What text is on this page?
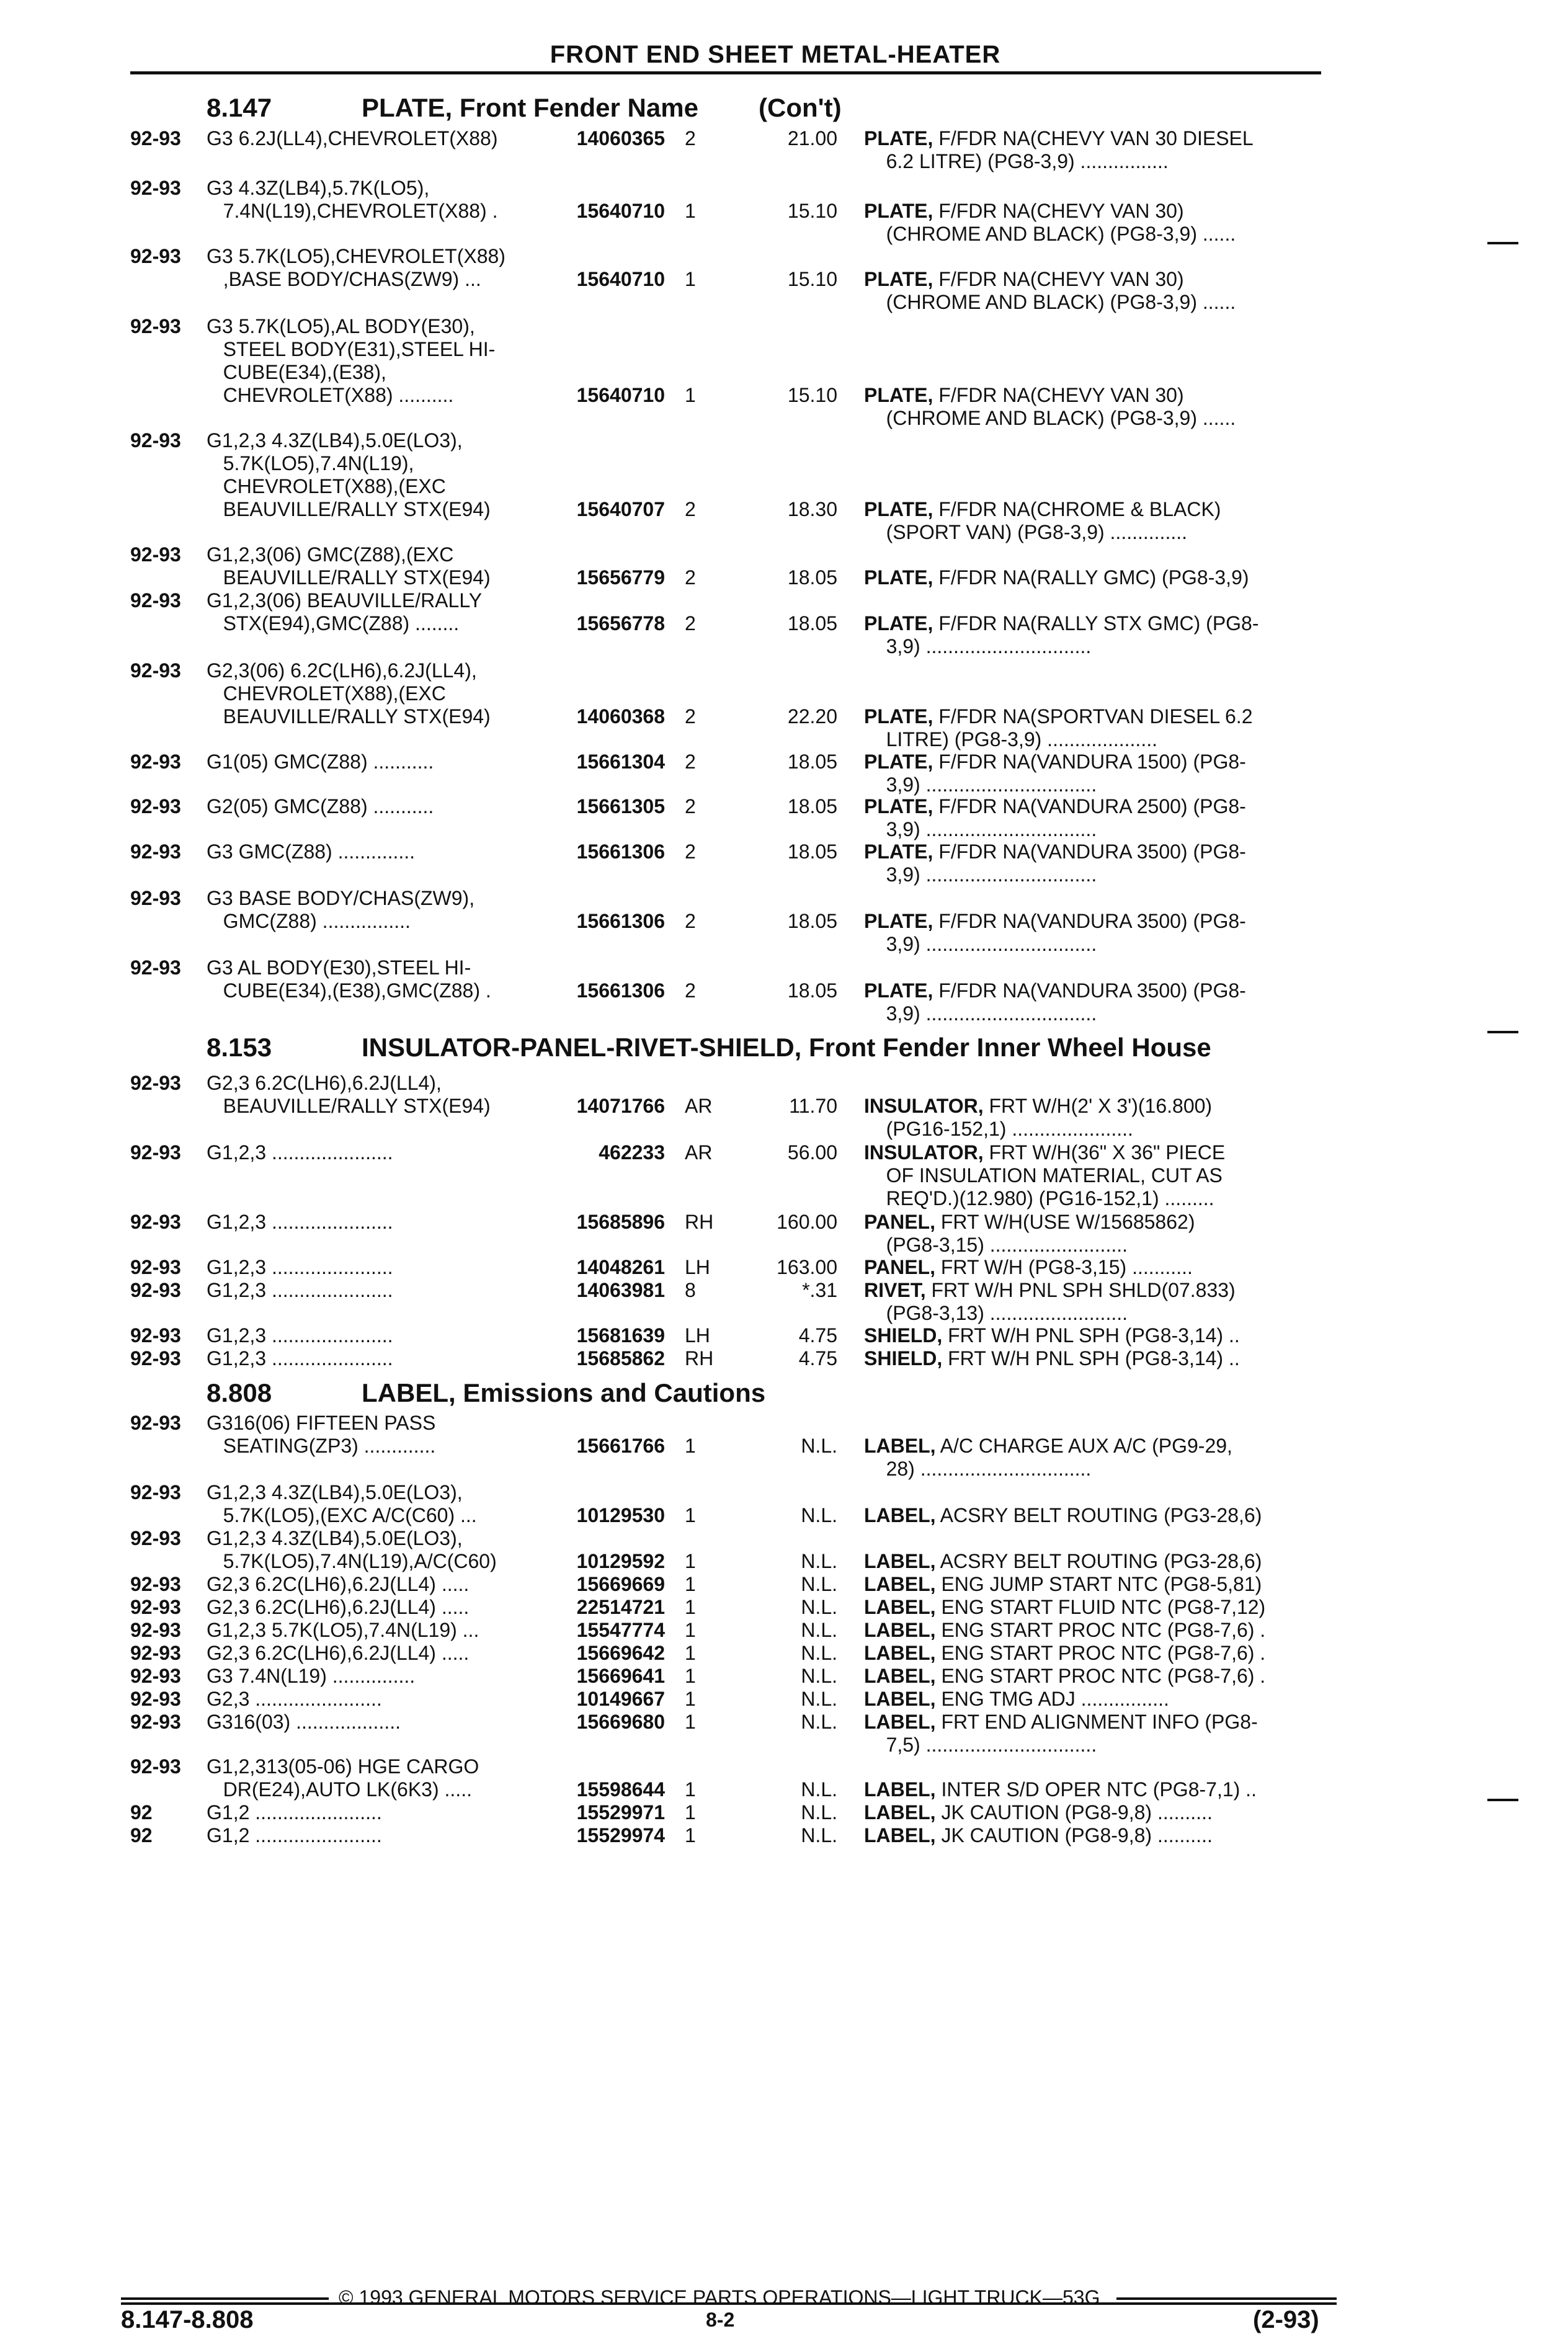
FRONT END SHEET METAL-HEATER
8.147	PLATE, Front Fender Name (Con't)
92-93 G3 6.2J(LL4),CHEVROLET(X88)	14060365 2	21.00 PLATE, F/FDR NA(CHEVY VAN 30 DIESEL
6.2 LITRE) (PG8-3,9) ................
92-93 G3 4.3Z(LB4),5.7K(LO5),
7.4N(L19),CHEVROLET(X88) .	15640710 1	15.10 PLATE, F/FDR NA(CHEVY VAN 30)
(CHROME AND BLACK) (PG8-3,9) ......
92-93 G3 5.7K(LO5),CHEVROLET(X88)
,BASE BODY/CHAS(ZW9) ...	15640710 1	15.10 PLATE, F/FDR NA(CHEVY VAN 30)
(CHROME AND BLACK) (PG8-3,9) ......
92-93 G3 5.7K(LO5),AL BODY(E30),
STEEL BODY(E31),STEEL HI-
CUBE(E34),(E38),
CHEVROLET(X88) ..........	15640710 1	15.10 PLATE, F/FDR NA(CHEVY VAN 30)
(CHROME AND BLACK) (PG8-3,9) ......
92-93 G1,2,3 4.3Z(LB4),5.0E(LO3),
5.7K(LO5),7.4N(L19),
CHEVROLET(X88),(EXC
BEAUVILLE/RALLY STX(E94)	15640707 2	18.30 PLATE, F/FDR NA(CHROME & BLACK)
(SPORT VAN) (PG8-3,9) ..............
92-93 G1,2,3(06) GMC(Z88),(EXC
BEAUVILLE/RALLY STX(E94)	15656779 2	18.05 PLATE, F/FDR NA(RALLY GMC) (PG8-3,9)
92-93 G1,2,3(06) BEAUVILLE/RALLY
STX(E94),GMC(Z88) ........	15656778 2	18.05 PLATE, F/FDR NA(RALLY STX GMC) (PG8-
3,9) ..............................
92-93 G2,3(06) 6.2C(LH6),6.2J(LL4),
CHEVROLET(X88),(EXC
BEAUVILLE/RALLY STX(E94)	14060368 2	22.20 PLATE, F/FDR NA(SPORTVAN DIESEL 6.2
LITRE) (PG8-3,9) ....................
92-93 G1(05) GMC(Z88) ...........	15661304 2	18.05 PLATE, F/FDR NA(VANDURA 1500) (PG8-
3,9) ...............................
92-93 G2(05) GMC(Z88) ...........	15661305 2	18.05 PLATE, F/FDR NA(VANDURA 2500) (PG8-
3,9) ...............................
92-93 G3 GMC(Z88) ..............	15661306 2	18.05 PLATE, F/FDR NA(VANDURA 3500) (PG8-
3,9) ...............................
92-93 G3 BASE BODY/CHAS(ZW9),
GMC(Z88) ................	15661306 2	18.05 PLATE, F/FDR NA(VANDURA 3500) (PG8-
3,9) ...............................
92-93 G3 AL BODY(E30),STEEL HI-
CUBE(E34),(E38),GMC(Z88) .	15661306 2	18.05 PLATE, F/FDR NA(VANDURA 3500) (PG8-
3,9) ...............................
8.153	INSULATOR-PANEL-RIVET-SHIELD, Front Fender Inner Wheel House
92-93 G2,3 6.2C(LH6),6.2J(LL4),
BEAUVILLE/RALLY STX(E94)	14071766 AR	11.70 INSULATOR, FRT W/H(2' X 3')(16.800)
(PG16-152,1) ......................
92-93 G1,2,3 ......................	462233 AR	56.00 INSULATOR, FRT W/H(36" X 36" PIECE
OF INSULATION MATERIAL, CUT AS
REQ'D.)(12.980) (PG16-152,1) .........
92-93 G1,2,3 ......................	15685896 RH	160.00 PANEL, FRT W/H(USE W/15685862)
(PG8-3,15) .........................
92-93 G1,2,3 ......................	14048261 LH	163.00 PANEL, FRT W/H (PG8-3,15) ...........
92-93 G1,2,3 ......................	14063981 8	*.31 RIVET, FRT W/H PNL SPH SHLD(07.833)
(PG8-3,13) .........................
92-93 G1,2,3 ......................	15681639 LH	4.75 SHIELD, FRT W/H PNL SPH (PG8-3,14) ..
92-93 G1,2,3 ......................	15685862 RH	4.75 SHIELD, FRT W/H PNL SPH (PG8-3,14) ..
8.808	LABEL, Emissions and Cautions
92-93 G316(06) FIFTEEN PASS
SEATING(ZP3) .............	15661766 1	N.L. LABEL, A/C CHARGE AUX A/C (PG9-29,
28) ...............................
92-93 G1,2,3 4.3Z(LB4),5.0E(LO3),
5.7K(LO5),(EXC A/C(C60) ...	10129530 1	N.L. LABEL, ACSRY BELT ROUTING (PG3-28,6)
92-93 G1,2,3 4.3Z(LB4),5.0E(LO3),
5.7K(LO5),7.4N(L19),A/C(C60)	10129592 1	N.L. LABEL, ACSRY BELT ROUTING (PG3-28,6)
92-93 G2,3 6.2C(LH6),6.2J(LL4) .....	15669669 1	N.L. LABEL, ENG JUMP START NTC (PG8-5,81)
92-93 G2,3 6.2C(LH6),6.2J(LL4) .....	22514721 1	N.L. LABEL, ENG START FLUID NTC (PG8-7,12)
92-93 G1,2,3 5.7K(LO5),7.4N(L19) ...	15547774 1	N.L. LABEL, ENG START PROC NTC (PG8-7,6) .
92-93 G2,3 6.2C(LH6),6.2J(LL4) .....	15669642 1	N.L. LABEL, ENG START PROC NTC (PG8-7,6) .
92-93 G3 7.4N(L19) ...............	15669641 1	N.L. LABEL, ENG START PROC NTC (PG8-7,6) .
92-93 G2,3 .......................	10149667 1	N.L. LABEL, ENG TMG ADJ ................
92-93 G316(03) ...................	15669680 1	N.L. LABEL, FRT END ALIGNMENT INFO (PG8-
7,5) ...............................
92-93 G1,2,313(05-06) HGE CARGO
DR(E24),AUTO LK(6K3) .....	15598644 1	N.L. LABEL, INTER S/D OPER NTC (PG8-7,1) ..
92	G1,2 .......................	15529971 1	N.L. LABEL, JK CAUTION (PG8-9,8) ..........
92	G1,2 .......................	15529974 1	N.L. LABEL, JK CAUTION (PG8-9,8) ..........
© 1993 GENERAL MOTORS SERVICE PARTS OPERATIONS—LIGHT TRUCK—53G
8.147-8.808	8-2	(2-93)
